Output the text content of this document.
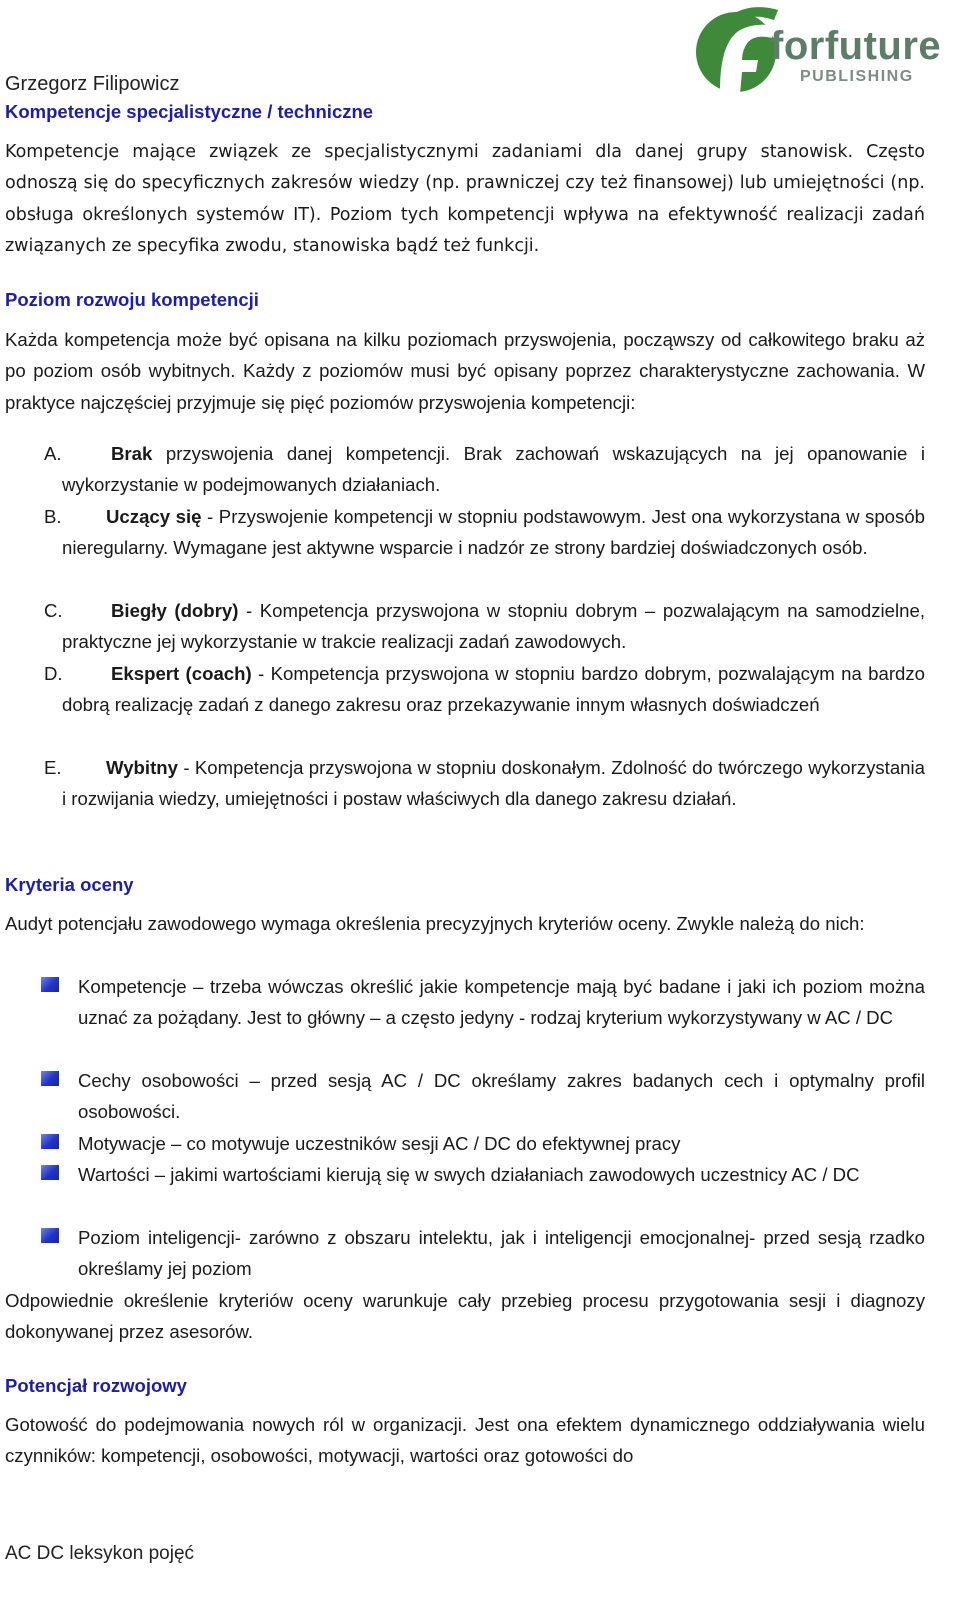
forfuture
PUBLISHING
Grzegorz Filipowicz
Kompetencje specjalistyczne / techniczne

Kompetencje mające związek ze specjalistycznymi zadaniami dla danej grupy stanowisk. Często odnoszą się do specyficznych zakresów wiedzy (np. prawniczej czy też finansowej) lub umiejętności (np. obsługa określonych systemów IT). Poziom tych kompetencji wpływa na efektywność realizacji zadań związanych ze specyfika zwodu, stanowiska bądź też funkcji.

Poziom rozwoju kompetencji

Każda kompetencja może być opisana na kilku poziomach przyswojenia, począwszy od całkowitego braku aż po poziom osób wybitnych. Każdy z poziomów musi być opisany poprzez charakterystyczne zachowania. W praktyce najczęściej przyjmuje się pięć poziomów przyswojenia kompetencji:

A.	Brak przyswojenia danej kompetencji. Brak zachowań wskazujących na jej opanowanie i wykorzystanie w podejmowanych działaniach.

B. Uczący się - Przyswojenie kompetencji w stopniu podstawowym. Jest ona wykorzystana w sposób nieregularny. Wymagane jest aktywne wsparcie i nadzór ze strony bardziej doświadczonych osób.

C.	Biegły (dobry) - Kompetencja przyswojona w stopniu dobrym – pozwalającym na samodzielne, praktyczne jej wykorzystanie w trakcie realizacji zadań zawodowych.

D.	Ekspert (coach) - Kompetencja przyswojona w stopniu bardzo dobrym, pozwalającym na bardzo dobrą realizację zadań z danego zakresu oraz przekazywanie innym własnych doświadczeń

E. Wybitny - Kompetencja przyswojona w stopniu doskonałym. Zdolność do twórczego wykorzystania i rozwijania wiedzy, umiejętności i postaw właściwych dla danego zakresu działań.

Kryteria oceny

Audyt potencjału zawodowego wymaga określenia precyzyjnych kryteriów oceny. Zwykle należą do nich:

Kompetencje – trzeba wówczas określić jakie kompetencje mają być badane i jaki ich poziom można uznać za pożądany. Jest to główny – a często jedyny - rodzaj kryterium wykorzystywany w AC / DC

Cechy osobowości – przed sesją AC / DC określamy zakres badanych cech i optymalny profil osobowości.

Motywacje – co motywuje uczestników sesji AC / DC do efektywnej pracy

Wartości – jakimi wartościami kierują się w swych działaniach zawodowych uczestnicy AC / DC

Poziom inteligencji- zarówno z obszaru intelektu, jak i inteligencji emocjonalnej- przed sesją rzadko określamy jej poziom

Odpowiednie określenie kryteriów oceny warunkuje cały przebieg procesu przygotowania sesji i diagnozy dokonywanej przez asesorów.

Potencjał rozwojowy

Gotowość do podejmowania nowych ról w organizacji. Jest ona efektem dynamicznego oddziaływania wielu czynników: kompetencji, osobowości, motywacji, wartości oraz gotowości do

AC DC leksykon pojęć
